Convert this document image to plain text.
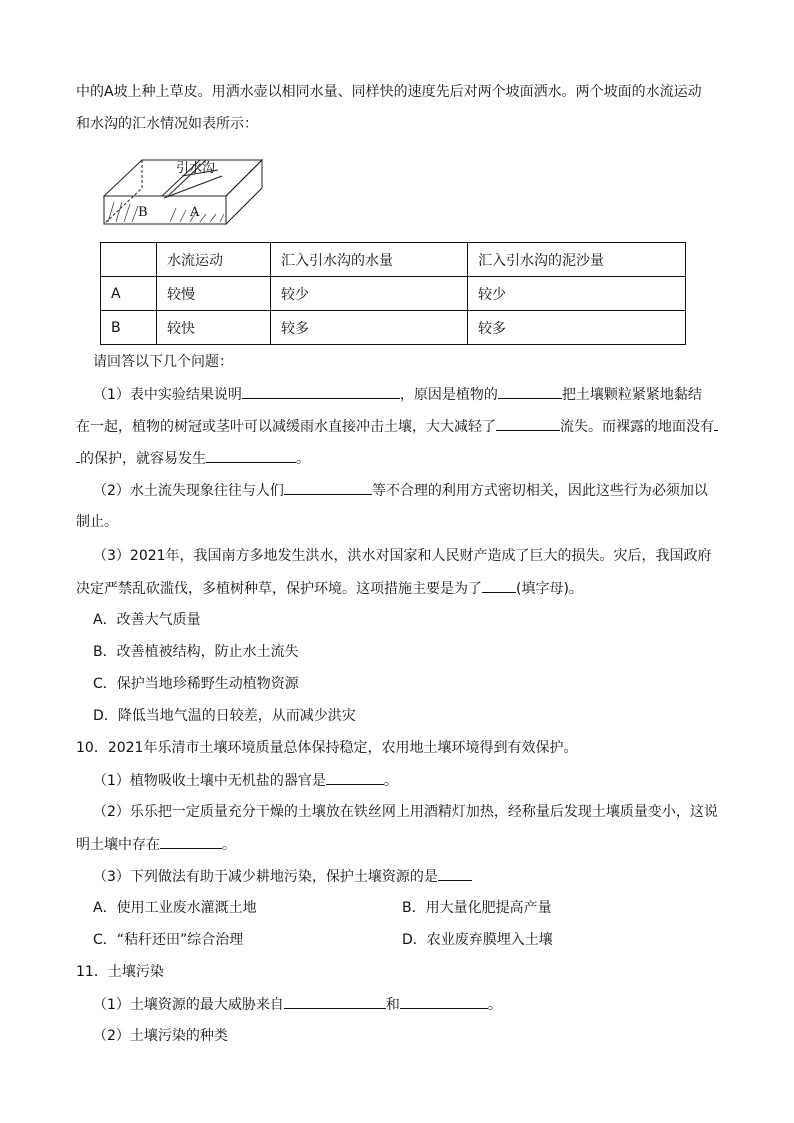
中的A坡上种上草皮。用洒水壶以相同水量、同样快的速度先后对两个坡面洒水。两个坡面的水流运动
和水沟的汇水情况如表所示：
引水沟
B	A
	水流运动	汇入引水沟的水量	汇入引水沟的泥沙量
A	较慢	较少	较少
B	较快	较多	较多
请回答以下几个问题：
（1）表中实验结果说明	，原因是植物的	把土壤颗粒紧紧地黏结
在一起，植物的树冠或茎叶可以减缓雨水直接冲击土壤，大大减轻了	流失。而裸露的地面没有
的保护，就容易发生	。
（2）水土流失现象往往与人们	等不合理的利用方式密切相关，因此这些行为必须加以
制止。
（3）2021年，我国南方多地发生洪水，洪水对国家和人民财产造成了巨大的损失。灾后，我国政府
决定严禁乱砍滥伐，多植树种草，保护环境。这项措施主要是为了 (填字母)。
A．改善大气质量
B．改善植被结构，防止水土流失
C．保护当地珍稀野生动植物资源
D．降低当地气温的日较差，从而减少洪灾
10．2021年乐清市土壤环境质量总体保持稳定，农用地土壤环境得到有效保护。
（1）植物吸收土壤中无机盐的器官是	。
（2）乐乐把一定质量充分干燥的土壤放在铁丝网上用酒精灯加热，经称量后发现土壤质量变小，这说
明土壤中存在	。
（3）下列做法有助于减少耕地污染，保护土壤资源的是
A．使用工业废水灌溉土地	B．用大量化肥提高产量
C．“秸秆还田”综合治理	D．农业废弃膜埋入土壤
11．土壤污染
（1）土壤资源的最大威胁来自	和	。
（2）土壤污染的种类
